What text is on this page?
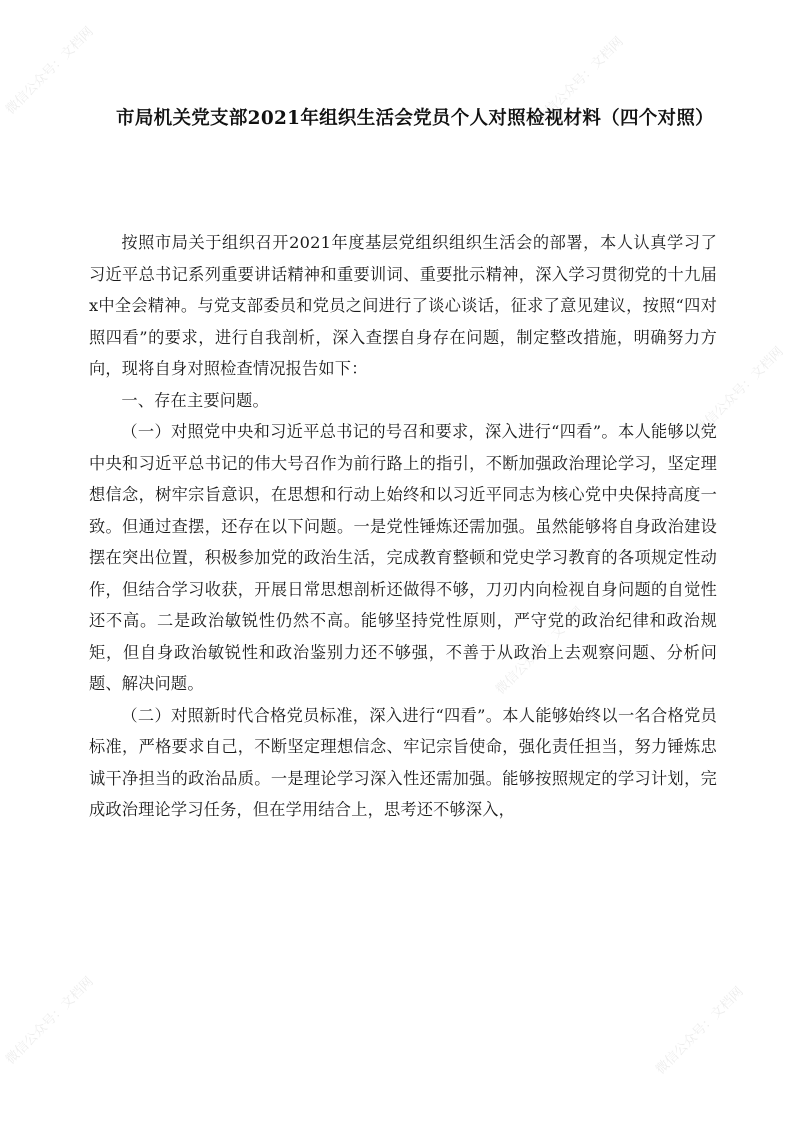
微信公众号：文档网	微信公众号：文档网
微信公众号：文档网
微信公众号：文档网
微信公众号：文档网
微信公众号：文档网
市局机关党支部2021年组织生活会党员个人对照检视材料（四个对照）

按照市局关于组织召开2021年度基层党组织组织生活会的部署，本人认真学习了习近平总书记系列重要讲话精神和重要训词、重要批示精神，深入学习贯彻党的十九届x中全会精神。与党支部委员和党员之间进行了谈心谈话，征求了意见建议，按照“四对照四看”的要求，进行自我剖析，深入查摆自身存在问题，制定整改措施，明确努力方向，现将自身对照检查情况报告如下：

一、存在主要问题。

（一）对照党中央和习近平总书记的号召和要求，深入进行“四看”。本人能够以党中央和习近平总书记的伟大号召作为前行路上的指引，不断加强政治理论学习，坚定理想信念，树牢宗旨意识，在思想和行动上始终和以习近平同志为核心党中央保持高度一致。但通过查摆，还存在以下问题。一是党性锤炼还需加强。虽然能够将自身政治建设摆在突出位置，积极参加党的政治生活，完成教育整顿和党史学习教育的各项规定性动作，但结合学习收获，开展日常思想剖析还做得不够，刀刃内向检视自身问题的自觉性还不高。二是政治敏锐性仍然不高。能够坚持党性原则，严守党的政治纪律和政治规矩，但自身政治敏锐性和政治鉴别力还不够强，不善于从政治上去观察问题、分析问题、解决问题。

（二）对照新时代合格党员标准，深入进行“四看”。本人能够始终以一名合格党员标准，严格要求自己，不断坚定理想信念、牢记宗旨使命，强化责任担当，努力锤炼忠诚干净担当的政治品质。一是理论学习深入性还需加强。能够按照规定的学习计划，完成政治理论学习任务，但在学用结合上，思考还不够深入，
